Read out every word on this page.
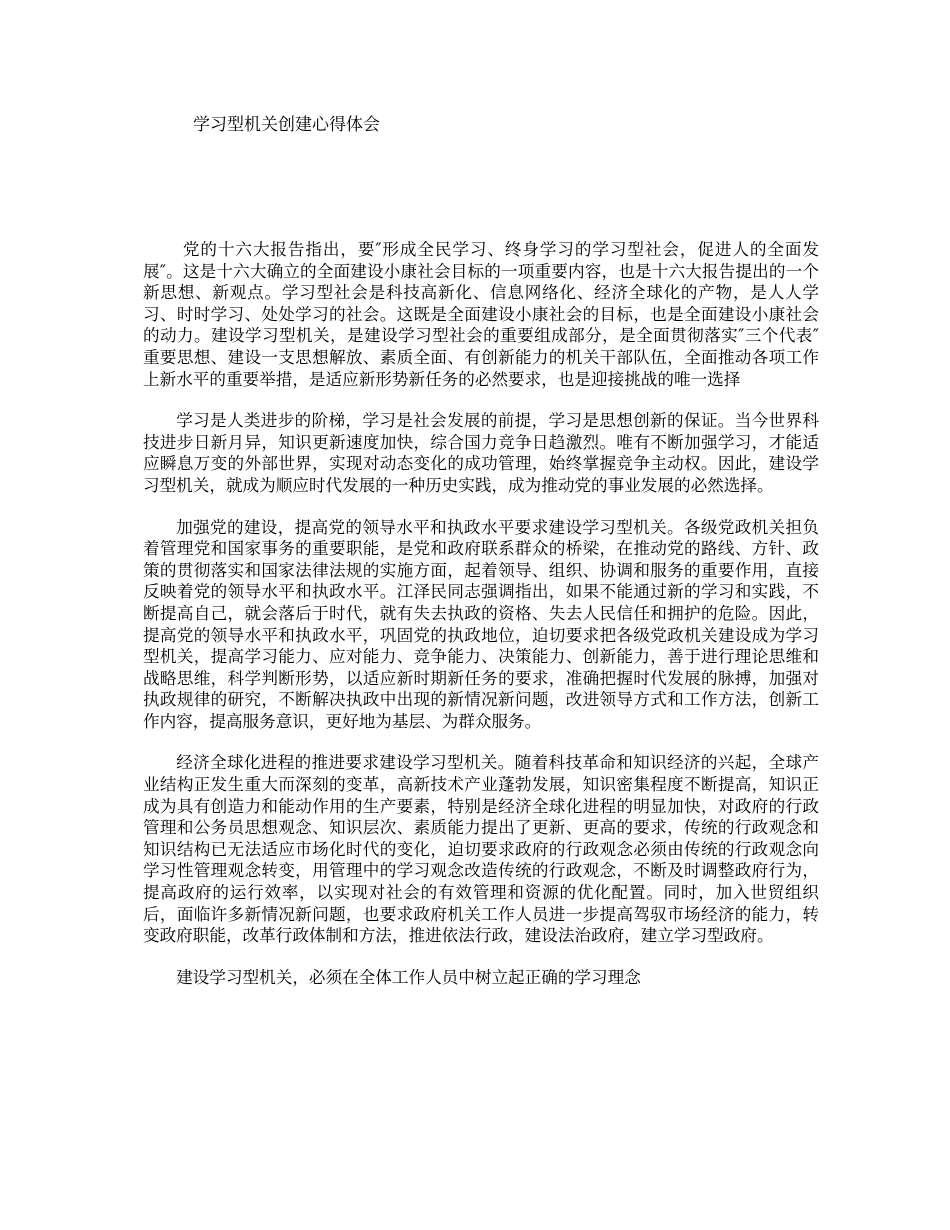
学习型机关创建心得体会

党的十六大报告指出，要″形成全民学习、终身学习的学习型社会，促进人的全面发展″。这是十六大确立的全面建设小康社会目标的一项重要内容，也是十六大报告提出的一个新思想、新观点。学习型社会是科技高新化、信息网络化、经济全球化的产物，是人人学习、时时学习、处处学习的社会。这既是全面建设小康社会的目标，也是全面建设小康社会的动力。建设学习型机关，是建设学习型社会的重要组成部分，是全面贯彻落实″三个代表″重要思想、建设一支思想解放、素质全面、有创新能力的机关干部队伍，全面推动各项工作上新水平的重要举措，是适应新形势新任务的必然要求，也是迎接挑战的唯一选择

学习是人类进步的阶梯，学习是社会发展的前提，学习是思想创新的保证。当今世界科技进步日新月异，知识更新速度加快，综合国力竞争日趋激烈。唯有不断加强学习，才能适应瞬息万变的外部世界，实现对动态变化的成功管理，始终掌握竞争主动权。因此，建设学习型机关，就成为顺应时代发展的一种历史实践，成为推动党的事业发展的必然选择。

加强党的建设，提高党的领导水平和执政水平要求建设学习型机关。各级党政机关担负着管理党和国家事务的重要职能，是党和政府联系群众的桥梁，在推动党的路线、方针、政策的贯彻落实和国家法律法规的实施方面，起着领导、组织、协调和服务的重要作用，直接反映着党的领导水平和执政水平。江泽民同志强调指出，如果不能通过新的学习和实践，不断提高自己，就会落后于时代，就有失去执政的资格、失去人民信任和拥护的危险。因此，提高党的领导水平和执政水平，巩固党的执政地位，迫切要求把各级党政机关建设成为学习型机关，提高学习能力、应对能力、竞争能力、决策能力、创新能力，善于进行理论思维和战略思维，科学判断形势，以适应新时期新任务的要求，准确把握时代发展的脉搏，加强对执政规律的研究，不断解决执政中出现的新情况新问题，改进领导方式和工作方法，创新工作内容，提高服务意识，更好地为基层、为群众服务。

经济全球化进程的推进要求建设学习型机关。随着科技革命和知识经济的兴起，全球产业结构正发生重大而深刻的变革，高新技术产业蓬勃发展，知识密集程度不断提高，知识正成为具有创造力和能动作用的生产要素，特别是经济全球化进程的明显加快，对政府的行政管理和公务员思想观念、知识层次、素质能力提出了更新、更高的要求，传统的行政观念和知识结构已无法适应市场化时代的变化，迫切要求政府的行政观念必须由传统的行政观念向学习性管理观念转变，用管理中的学习观念改造传统的行政观念，不断及时调整政府行为，提高政府的运行效率，以实现对社会的有效管理和资源的优化配置。同时，加入世贸组织后，面临许多新情况新问题，也要求政府机关工作人员进一步提高驾驭市场经济的能力，转变政府职能，改革行政体制和方法，推进依法行政，建设法治政府，建立学习型政府。

建设学习型机关，必须在全体工作人员中树立起正确的学习理念
